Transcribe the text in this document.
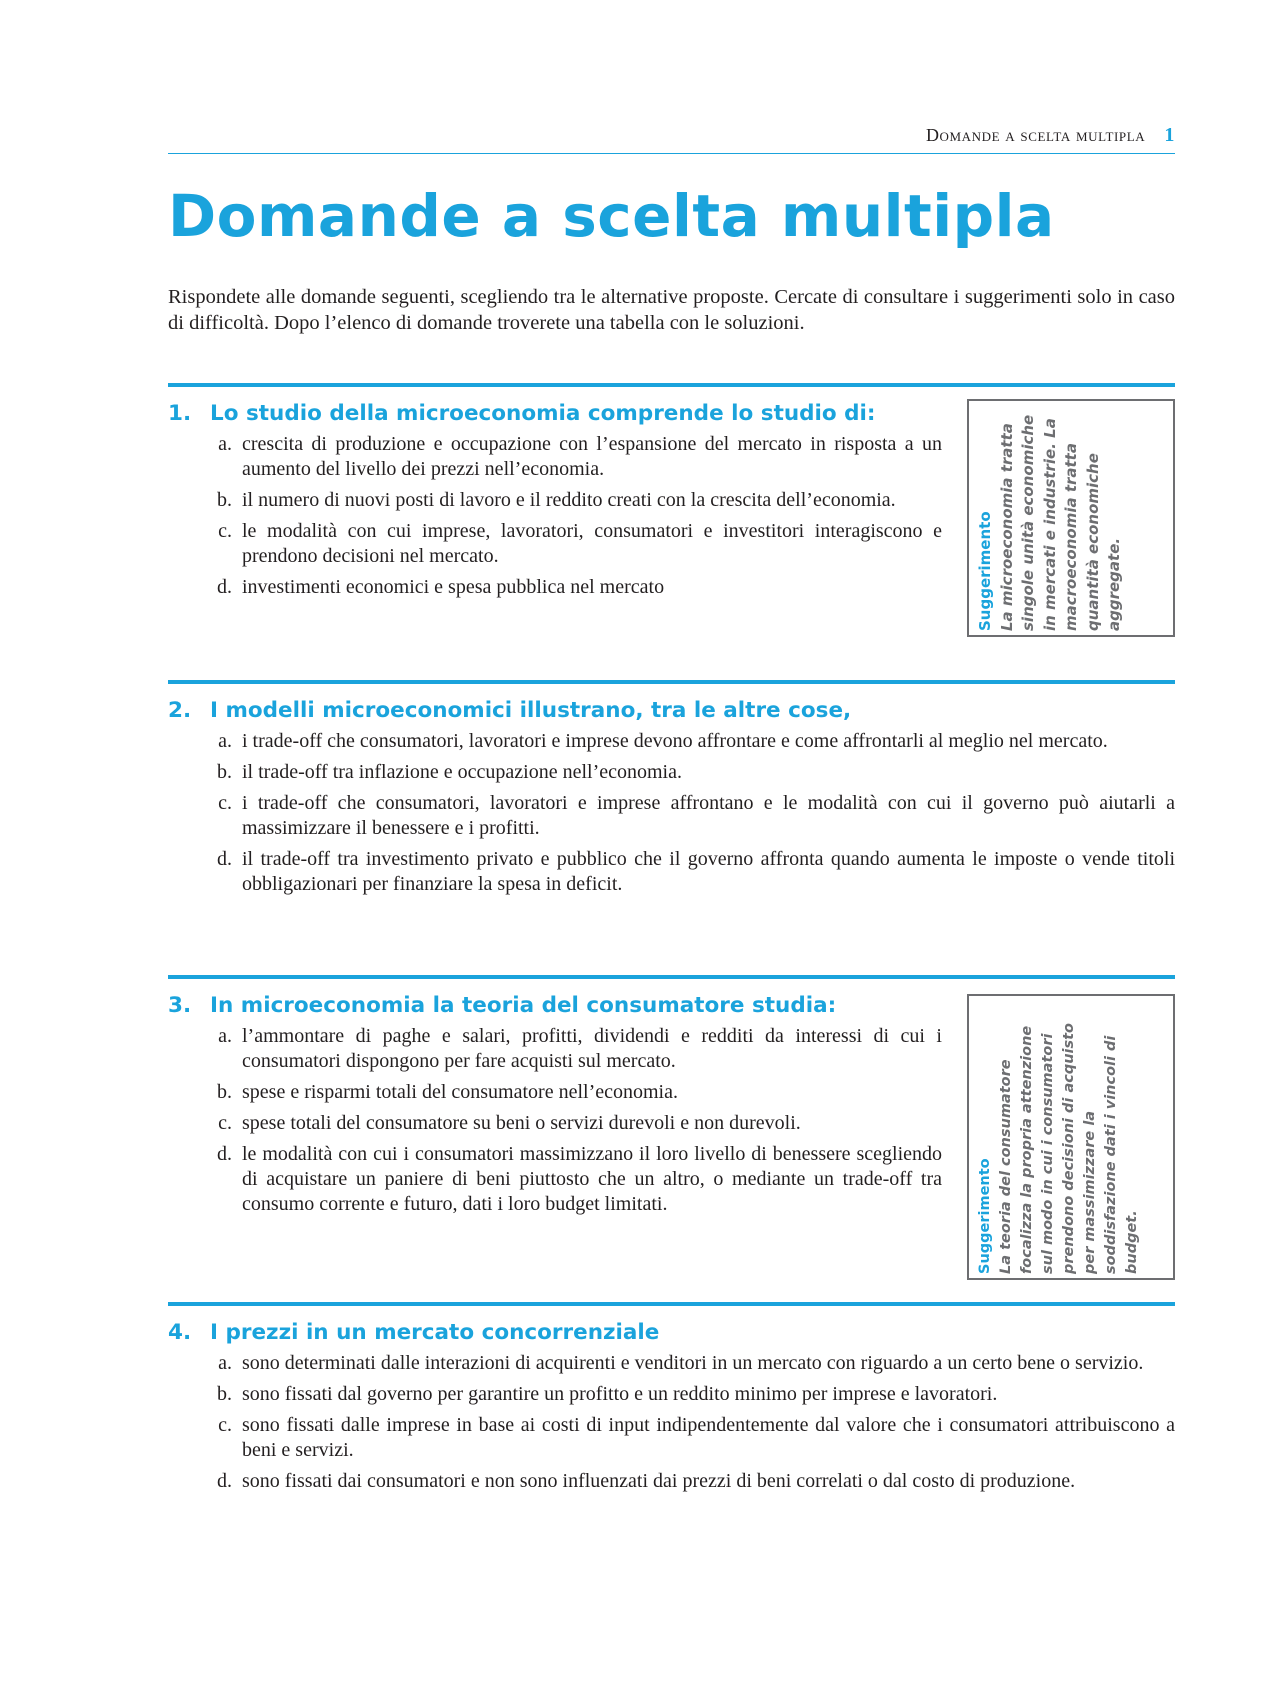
Domande a scelta multipla 1
Domande a scelta multipla

Rispondete alle domande seguenti, scegliendo tra le alternative proposte. Cercate di consultare i suggerimenti solo in caso di difficoltà. Dopo l’elenco di domande troverete una tabella con le soluzioni.

1. Lo studio della microeconomia comprende lo studio di:
a. crescita di produzione e occupazione con l’espansione del mercato in risposta a un aumento del livello dei prezzi nell’economia.
b. il numero di nuovi posti di lavoro e il reddito creati con la crescita dell’economia.
c. le modalità con cui imprese, lavoratori, consumatori e investitori interagiscono e prendono decisioni nel mercato.
d. investimenti economici e spesa pubblica nel mercato	Suggerimento La microeconomia tratta singole unità economiche in mercati e industrie. La macroeconomia tratta quantità economiche aggregate.
2. I modelli microeconomici illustrano, tra le altre cose,
a. i trade-off che consumatori, lavoratori e imprese devono affrontare e come affrontarli al meglio nel mercato.
b. il trade-off tra inflazione e occupazione nell’economia.
c. i trade-off che consumatori, lavoratori e imprese affrontano e le modalità con cui il governo può aiutarli a massimizzare il benessere e i profitti.
d. il trade-off tra investimento privato e pubblico che il governo affronta quando aumenta le imposte o vende titoli obbligazionari per finanziare la spesa in deficit.
3. In microeconomia la teoria del consumatore studia:
a. l’ammontare di paghe e salari, profitti, dividendi e redditi da interessi di cui i consumatori dispongono per fare acquisti sul mercato.
b. spese e risparmi totali del consumatore nell’economia.
c. spese totali del consumatore su beni o servizi durevoli e non durevoli.
d. le modalità con cui i consumatori massimizzano il loro livello di benessere scegliendo di acquistare un paniere di beni piuttosto che un altro, o mediante un trade-off tra consumo corrente e futuro, dati i loro budget limitati.	Suggerimento La teoria del consumatore focalizza la propria attenzione sul modo in cui i consumatori prendono decisioni di acquisto per massimizzare la soddisfazione dati i vincoli di budget.
4. I prezzi in un mercato concorrenziale
a. sono determinati dalle interazioni di acquirenti e venditori in un mercato con riguardo a un certo bene o servizio.
b. sono fissati dal governo per garantire un profitto e un reddito minimo per imprese e lavoratori.
c. sono fissati dalle imprese in base ai costi di input indipendentemente dal valore che i consumatori attribuiscono a beni e servizi.
d. sono fissati dai consumatori e non sono influenzati dai prezzi di beni correlati o dal costo di produzione.
